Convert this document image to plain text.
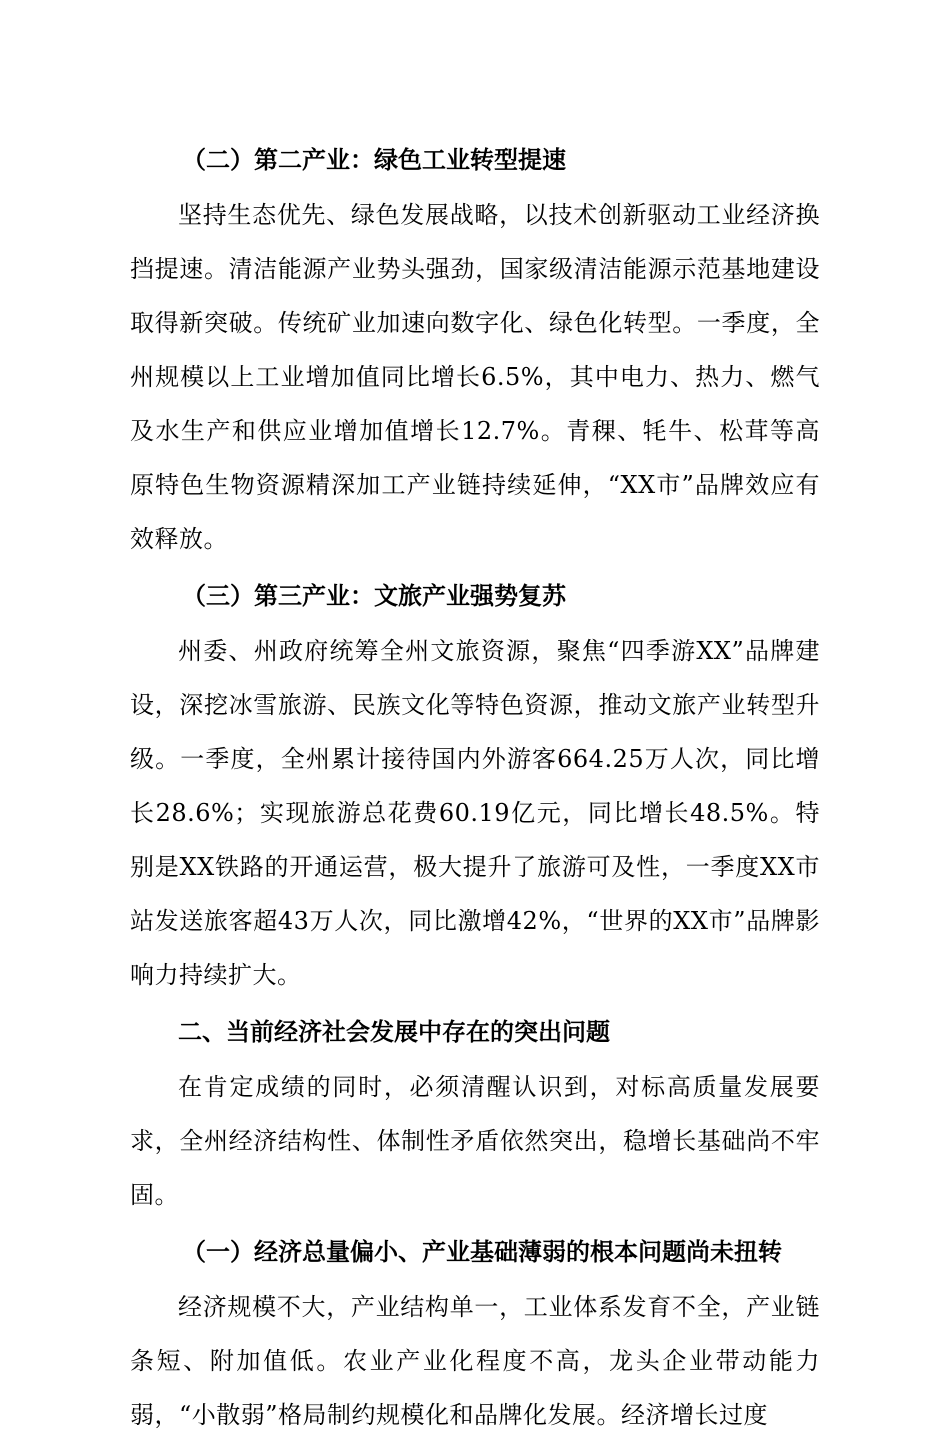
（二）第二产业：绿色工业转型提速

坚持生态优先、绿色发展战略，以技术创新驱动工业经济换挡提速。清洁能源产业势头强劲，国家级清洁能源示范基地建设取得新突破。传统矿业加速向数字化、绿色化转型。一季度，全州规模以上工业增加值同比增长6.5%，其中电力、热力、燃气及水生产和供应业增加值增长12.7%。青稞、牦牛、松茸等高原特色生物资源精深加工产业链持续延伸，“XX市”品牌效应有效释放。

（三）第三产业：文旅产业强势复苏

州委、州政府统筹全州文旅资源，聚焦“四季游XX”品牌建设，深挖冰雪旅游、民族文化等特色资源，推动文旅产业转型升级。一季度，全州累计接待国内外游客664.25万人次，同比增长28.6%；实现旅游总花费60.19亿元，同比增长48.5%。特别是XX铁路的开通运营，极大提升了旅游可及性，一季度XX市站发送旅客超43万人次，同比激增42%，“世界的XX市”品牌影响力持续扩大。

二、当前经济社会发展中存在的突出问题

在肯定成绩的同时，必须清醒认识到，对标高质量发展要求，全州经济结构性、体制性矛盾依然突出，稳增长基础尚不牢固。

（一）经济总量偏小、产业基础薄弱的根本问题尚未扭转

经济规模不大，产业结构单一，工业体系发育不全，产业链条短、附加值低。农业产业化程度不高，龙头企业带动能力弱，“小散弱”格局制约规模化和品牌化发展。经济增长过度
